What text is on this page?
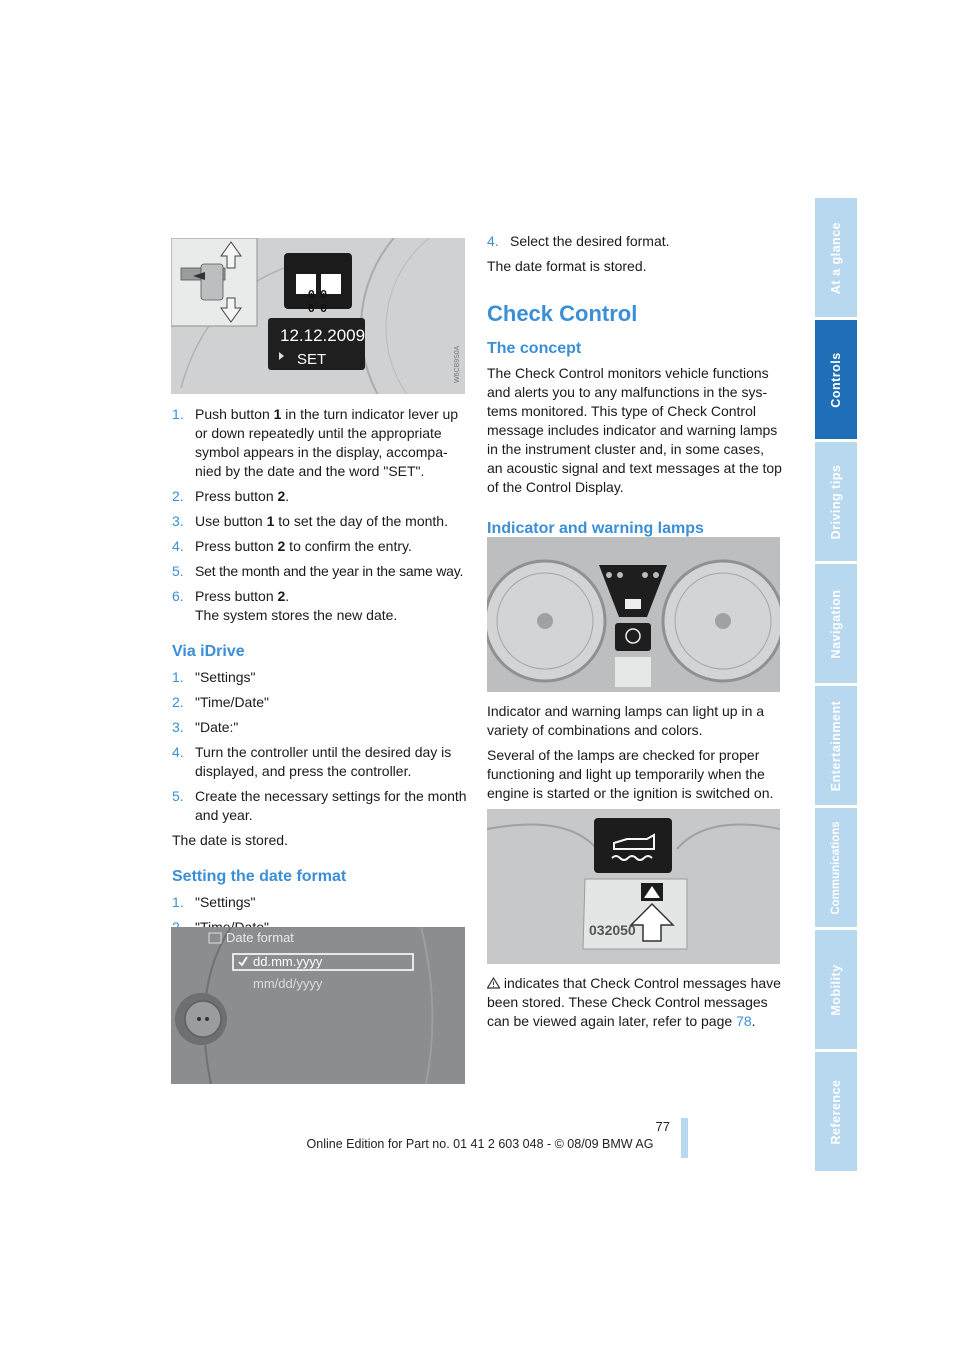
W6CB9S0A
00 00
12.12.2009
SET
1. Push button 1 in the turn indicator lever up or down repeatedly until the appropriate symbol appears in the display, accompa-nied by the date and the word "SET".
2. Press button 2.
3. Use button 1 to set the day of the month.
4. Press button 2 to confirm the entry.
5. Set the month and the year in the same way.
6. Press button 2.
The system stores the new date.
Via iDrive
1. "Settings"
2. "Time/Date"
3. "Date:"
4. Turn the controller until the desired day is displayed, and press the controller.
5. Create the necessary settings for the month and year.

The date is stored.

Setting the date format
1. "Settings"
Date format
dd.mm.yyyy
mm/dd/yyyy
4. Select the desired format.

The date format is stored.

Check Control
The concept

The Check Control monitors vehicle functions and alerts you to any malfunctions in the sys-tems monitored. This type of Check Control message includes indicator and warning lamps in the instrument cluster and, in some cases, an acoustic signal and text messages at the top of the Control Display.

Indicator and warning lamps

Indicator and warning lamps can light up in a variety of combinations and colors.

Several of the lamps are checked for proper functioning and light up temporarily when the engine is started or the ignition is switched on.

032050

indicates that Check Control messages have been stored. These Check Control messages can be viewed again later, refer to page 78.

At a glance
Controls
Driving tips
Navigation
Entertainment
Communications
Mobility
Reference
77
Online Edition for Part no. 01 41 2 603 048 - © 08/09 BMW AG
